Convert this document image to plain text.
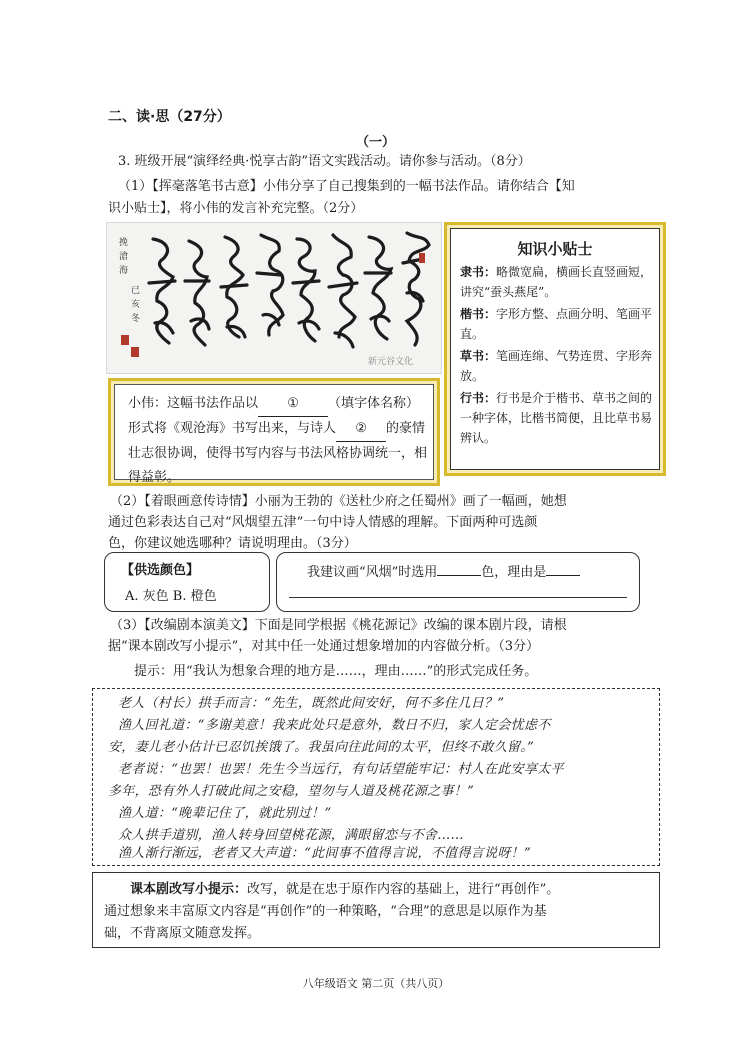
二、读·思（27分）
（一）
3. 班级开展“演绎经典·悦享古韵”语文实践活动。请你参与活动。（8分）
（1）【挥毫落笔书古意】小伟分享了自己搜集到的一幅书法作品。请你结合【知
识小贴士】，将小伟的发言补充完整。（2分）
挽
滄
海
已
亥
冬
新元谷文化
知识小贴士
隶书：略微宽扁，横画长直竖画短，讲究“蚕头燕尾”。
楷书：字形方整、点画分明、笔画平直。
草书：笔画连绵、气势连贯、字形奔放。
行书：行书是介于楷书、草书之间的一种字体，比楷书简便，且比草书易辨认。
小伟：这幅书法作品以 ① （填字体名称）形式将《观沧海》书写出来，与诗人 ② 的豪情壮志很协调，使得书写内容与书法风格协调统一，相得益彰。
（2）【着眼画意传诗情】小丽为王勃的《送杜少府之任蜀州》画了一幅画，她想
通过色彩表达自己对“风烟望五津”一句中诗人情感的理解。下面两种可选颜
色，你建议她选哪种？请说明理由。（3分）
【供选颜色】
A. 灰色 B. 橙色
我建议画“风烟”时选用	色，理由是
（3）【改编剧本演美文】下面是同学根据《桃花源记》改编的课本剧片段，请根
据“课本剧改写小提示”，对其中任一处通过想象增加的内容做分析。（3分）
提示：用“我认为想象合理的地方是……，理由……”的形式完成任务。
老人（村长）拱手而言：“先生，既然此间安好，何不多住几日？”
渔人回礼道：“多谢美意！我来此处只是意外，数日不归，家人定会忧虑不
安，妻儿老小估计已忍饥挨饿了。我虽向往此间的太平，但终不敢久留。”
老者说：“也罢！也罢！先生今当远行，有句话望能牢记：村人在此安享太平
多年，恐有外人打破此间之安稳，望勿与人道及桃花源之事！”
渔人道：“晚辈记住了，就此别过！”
众人拱手道别，渔人转身回望桃花源，满眼留恋与不舍……
渔人渐行渐远，老者又大声道：“此间事不值得言说，不值得言说呀！”
课本剧改写小提示：改写，就是在忠于原作内容的基础上，进行“再创作”。
通过想象来丰富原文内容是“再创作”的一种策略，“合理”的意思是以原作为基
础，不背离原文随意发挥。
八年级语文 第二页（共八页）
